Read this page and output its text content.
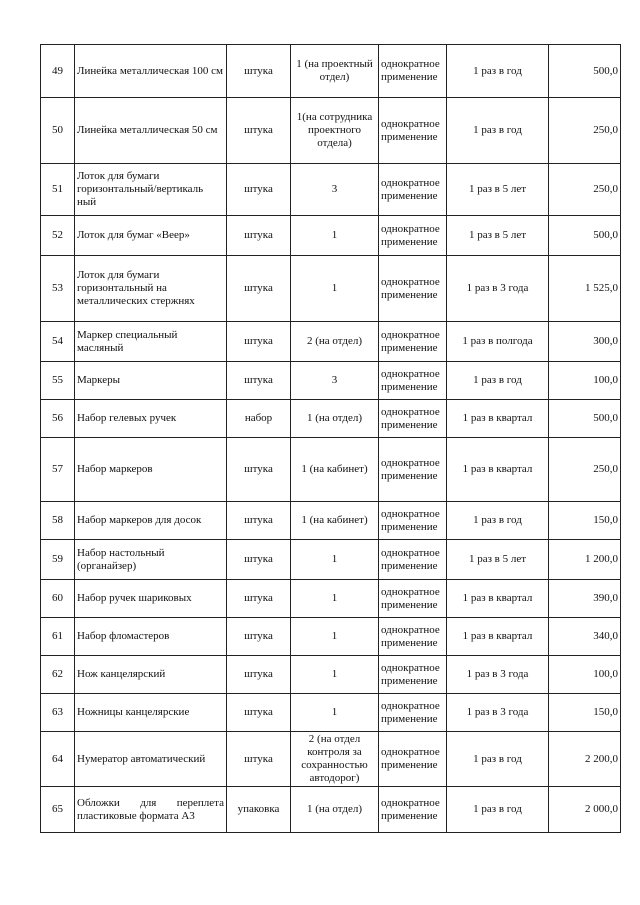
49	Линейка металлическая 100 см	штука	1 (на проектный отдел)	однократное применение	1 раз в год	500,0
50	Линейка металлическая 50 см	штука	1(на сотрудника проектного отдела)	однократное применение	1 раз в год	250,0
51	Лоток для бумаги горизонтальный/вертикаль ный	штука	3	однократное применение	1 раз в 5 лет	250,0
52	Лоток для бумаг «Веер»	штука	1	однократное применение	1 раз в 5 лет	500,0
53	Лоток для бумаги горизонтальный на металлических стержнях	штука	1	однократное применение	1 раз в 3 года	1 525,0
54	Маркер специальный масляный	штука	2 (на отдел)	однократное применение	1 раз в полгода	300,0
55	Маркеры	штука	3	однократное применение	1 раз в год	100,0
56	Набор гелевых ручек	набор	1 (на отдел)	однократное применение	1 раз в квартал	500,0
57	Набор маркеров	штука	1 (на кабинет)	однократное применение	1 раз в квартал	250,0
58	Набор маркеров для досок	штука	1 (на кабинет)	однократное применение	1 раз в год	150,0
59	Набор настольный (органайзер)	штука	1	однократное применение	1 раз в 5 лет	1 200,0
60	Набор ручек шариковых	штука	1	однократное применение	1 раз в квартал	390,0
61	Набор фломастеров	штука	1	однократное применение	1 раз в квартал	340,0
62	Нож канцелярский	штука	1	однократное применение	1 раз в 3 года	100,0
63	Ножницы канцелярские	штука	1	однократное применение	1 раз в 3 года	150,0
64	Нумератор автоматический	штука	2 (на отдел контроля за сохранностью автодорог)	однократное применение	1 раз в год	2 200,0
65	Обложки для переплета пластиковые формата А3	упаковка	1 (на отдел)	однократное применение	1 раз в год	2 000,0
